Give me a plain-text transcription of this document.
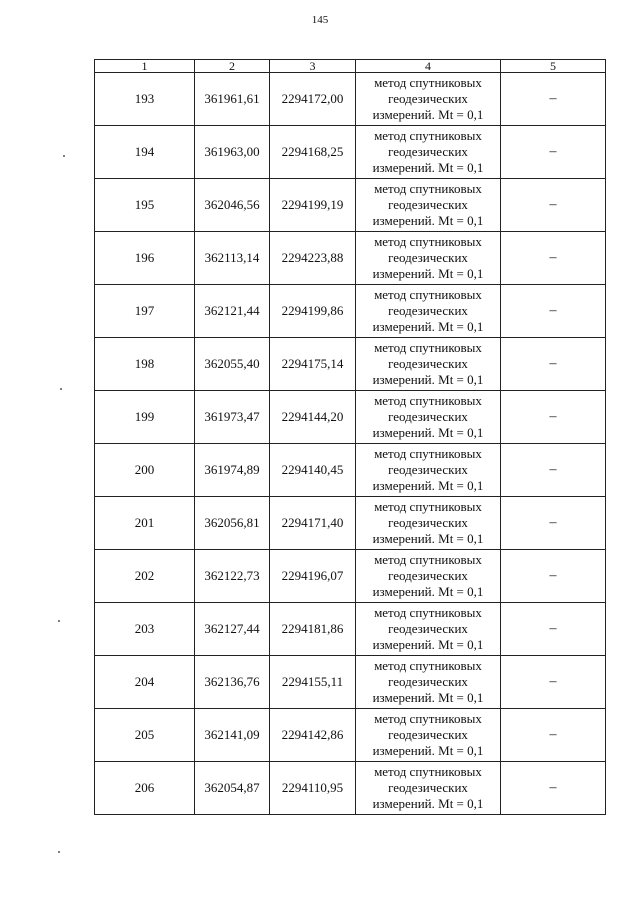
145
1	2	3	4	5
193	361961,61	2294172,00	метод спутниковых геодезических измерений. Mt = 0,1	–
194	361963,00	2294168,25	метод спутниковых геодезических измерений. Mt = 0,1	–
195	362046,56	2294199,19	метод спутниковых геодезических измерений. Mt = 0,1	–
196	362113,14	2294223,88	метод спутниковых геодезических измерений. Mt = 0,1	–
197	362121,44	2294199,86	метод спутниковых геодезических измерений. Mt = 0,1	–
198	362055,40	2294175,14	метод спутниковых геодезических измерений. Mt = 0,1	–
199	361973,47	2294144,20	метод спутниковых геодезических измерений. Mt = 0,1	–
200	361974,89	2294140,45	метод спутниковых геодезических измерений. Mt = 0,1	–
201	362056,81	2294171,40	метод спутниковых геодезических измерений. Mt = 0,1	–
202	362122,73	2294196,07	метод спутниковых геодезических измерений. Mt = 0,1	–
203	362127,44	2294181,86	метод спутниковых геодезических измерений. Mt = 0,1	–
204	362136,76	2294155,11	метод спутниковых геодезических измерений. Mt = 0,1	–
205	362141,09	2294142,86	метод спутниковых геодезических измерений. Mt = 0,1	–
206	362054,87	2294110,95	метод спутниковых геодезических измерений. Mt = 0,1	–
